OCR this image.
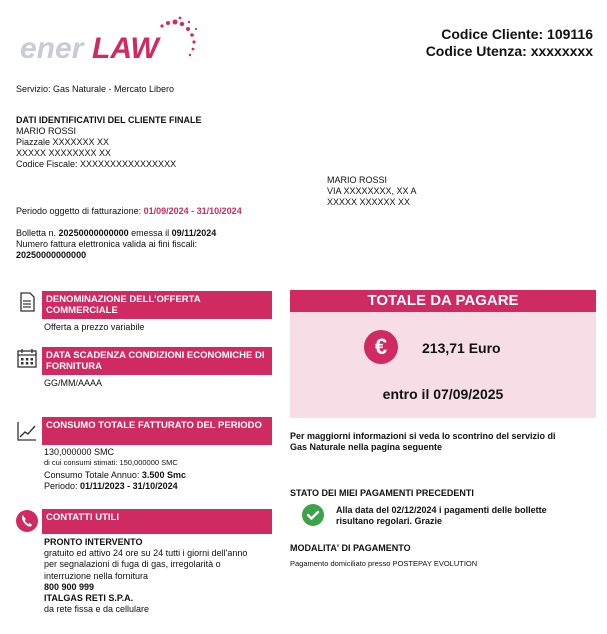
ener LAW	Codice Cliente: 109116
Codice Utenza: xxxxxxxx
Servizio: Gas Naturale - Mercato Libero
DATI IDENTIFICATIVI DEL CLIENTE FINALE
MARIO ROSSI
Piazzale XXXXXXX XX
XXXXX XXXXXXXX XX
Codice Fiscale: XXXXXXXXXXXXXXXX
MARIO ROSSI
VIA XXXXXXXX, XX A
XXXXX XXXXXX XX
Periodo oggetto di fatturazione: 01/09/2024 - 31/10/2024
Bolletta n. 20250000000000 emessa il 09/11/2024
Numero fattura elettronica valida ai fini fiscali:
20250000000000
DENOMINAZIONE DELL'OFFERTA COMMERCIALE
Offerta a prezzo variabile
DATA SCADENZA CONDIZIONI ECONOMICHE DI FORNITURA
GG/MM/AAAA
CONSUMO TOTALE FATTURATO DEL PERIODO
130,000000 SMC
di cui consumi stimati: 150,000000 SMC
Consumo Totale Annuo: 3.500 Smc
Periodo: 01/11/2023 - 31/10/2024
CONTATTI UTILI
PRONTO INTERVENTO
gratuito ed attivo 24 ore su 24 tutti i giorni dell'anno
per segnalazioni di fuga di gas, irregolarità o
interruzione nella fornitura
800 900 999
ITALGAS RETI S.P.A.
da rete fissa e da cellulare
TOTALE DA PAGARE
€	213,71 Euro
entro il 07/09/2025
Per maggiorni informazioni si veda lo scontrino del servizio di
Gas Naturale nella pagina seguente
STATO DEI MIEI PAGAMENTI PRECEDENTI
Alla data del 02/12/2024 i pagamenti delle bollette
risultano regolari. Grazie
MODALITA' DI PAGAMENTO
Pagamento domiciliato presso POSTEPAY EVOLUTION
